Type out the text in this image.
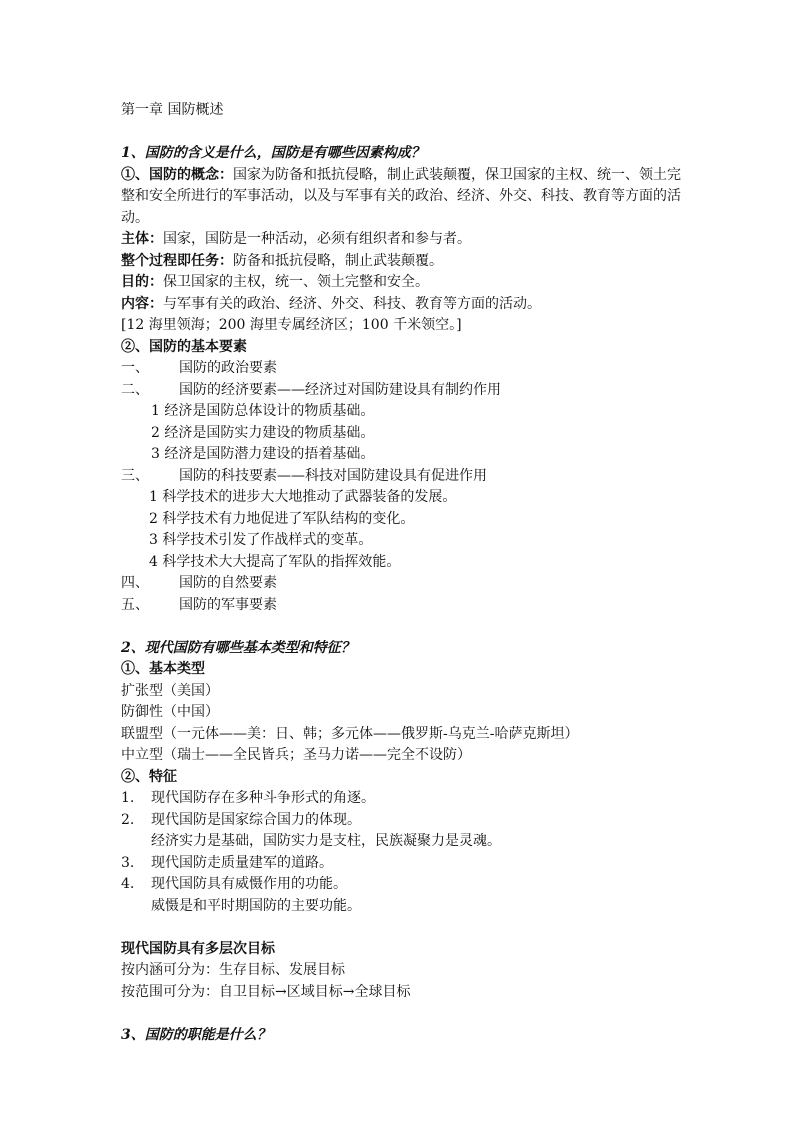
第一章 国防概述
1、国防的含义是什么，国防是有哪些因素构成？
①、国防的概念：国家为防备和抵抗侵略，制止武装颠覆，保卫国家的主权、统一、领土完整和安全所进行的军事活动，以及与军事有关的政治、经济、外交、科技、教育等方面的活动。
主体：国家，国防是一种活动，必须有组织者和参与者。
整个过程即任务：防备和抵抗侵略，制止武装颠覆。
目的：保卫国家的主权，统一、领土完整和安全。
内容：与军事有关的政治、经济、外交、科技、教育等方面的活动。
[12 海里领海；200 海里专属经济区；100 千米领空。]
②、国防的基本要素
一、 国防的政治要素
二、 国防的经济要素——经济过对国防建设具有制约作用
1 经济是国防总体设计的物质基础。
2 经济是国防实力建设的物质基础。
3 经济是国防潜力建设的捂着基础。
三、 国防的科技要素——科技对国防建设具有促进作用
1 科学技术的进步大大地推动了武器装备的发展。
2 科学技术有力地促进了军队结构的变化。
3 科学技术引发了作战样式的变革。
4 科学技术大大提高了军队的指挥效能。
四、 国防的自然要素
五、 国防的军事要素
2、现代国防有哪些基本类型和特征？
①、基本类型
扩张型（美国）
防御性（中国）
联盟型（一元体——美：日、韩；多元体——俄罗斯-乌克兰-哈萨克斯坦）
中立型（瑞士——全民皆兵；圣马力诺——完全不设防）
②、特征
1. 现代国防存在多种斗争形式的角逐。
2. 现代国防是国家综合国力的体现。
经济实力是基础，国防实力是支柱，民族凝聚力是灵魂。
3. 现代国防走质量建军的道路。
4. 现代国防具有威慑作用的功能。
威慑是和平时期国防的主要功能。
现代国防具有多层次目标
按内涵可分为：生存目标、发展目标
按范围可分为：自卫目标→区域目标→全球目标
3、国防的职能是什么？
